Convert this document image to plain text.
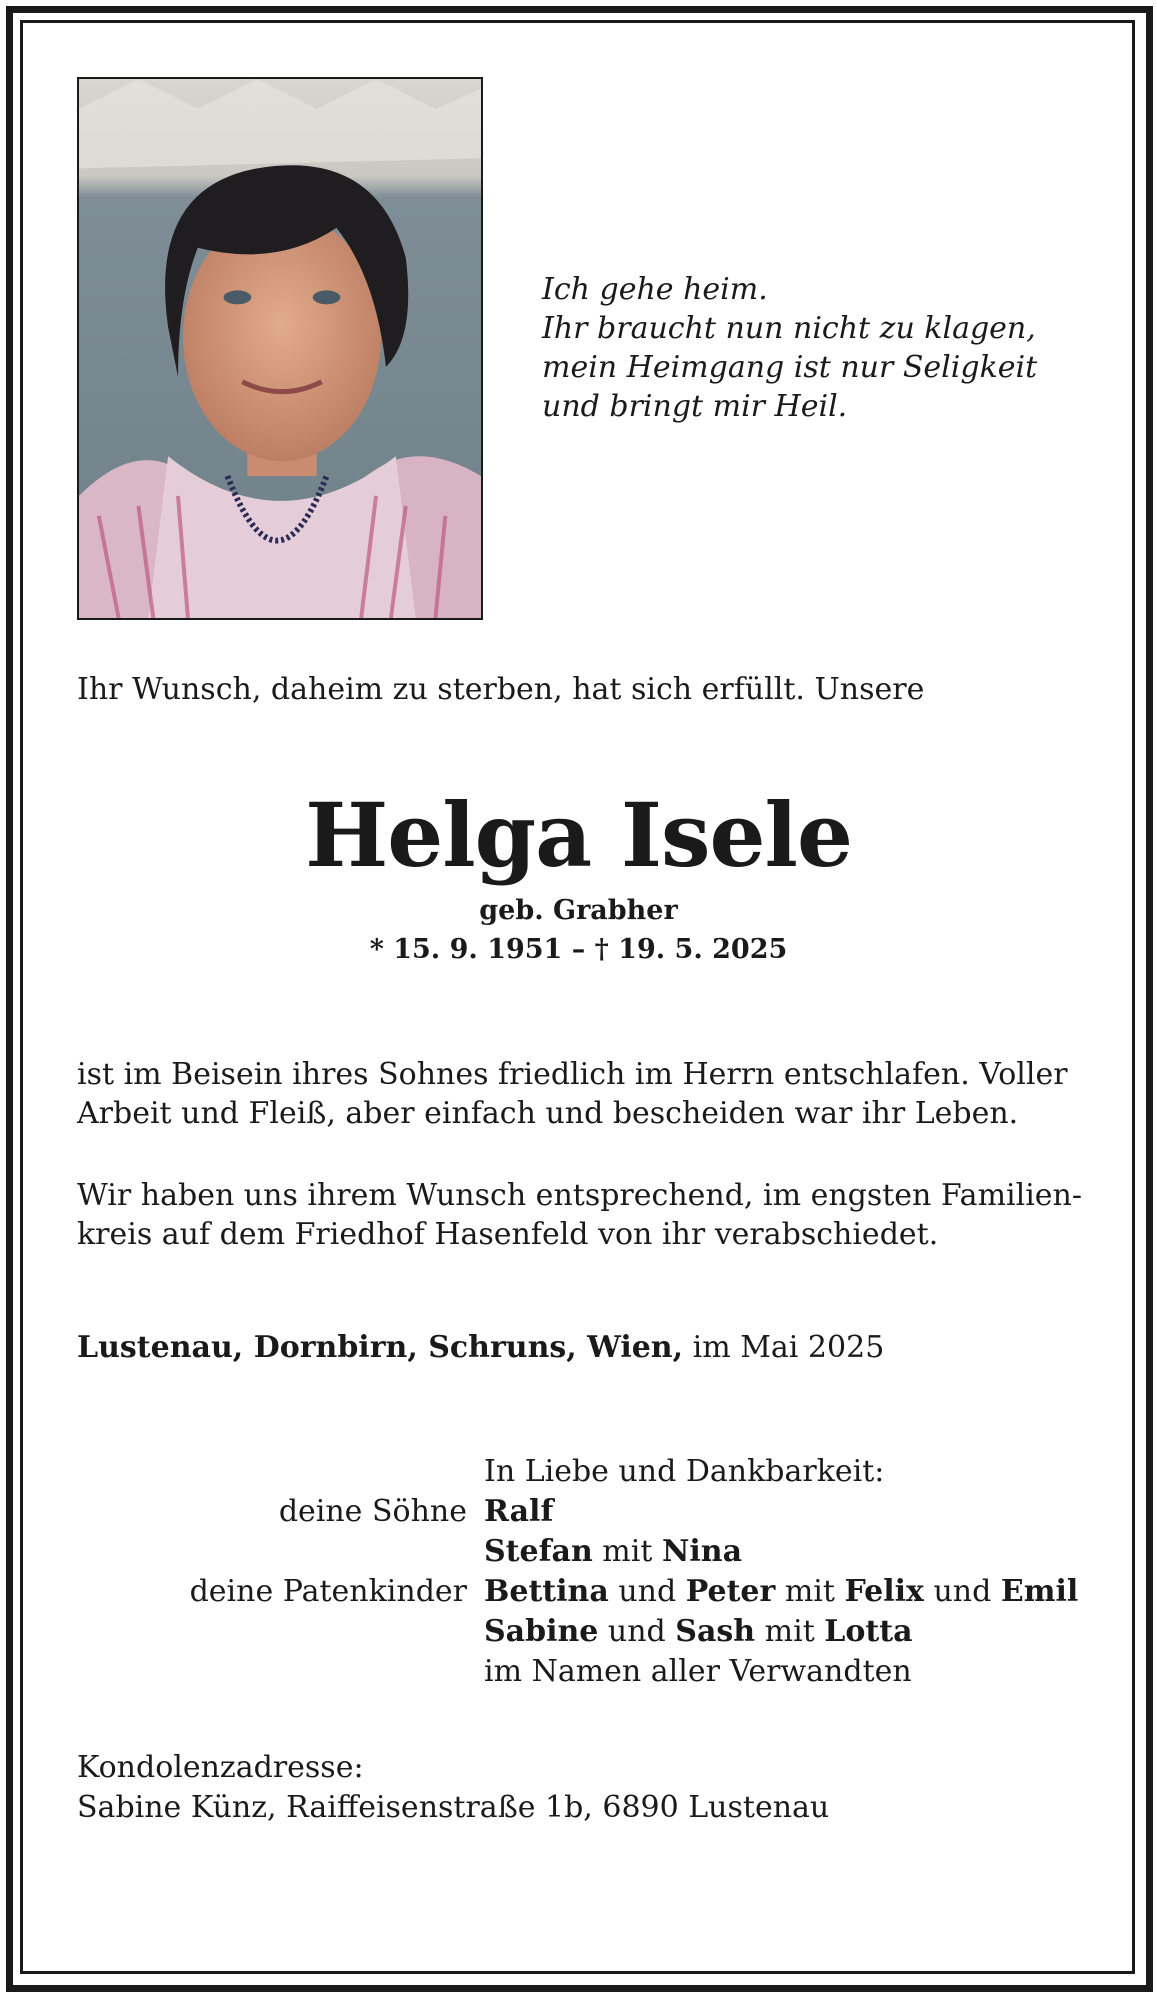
Ich gehe heim.
Ihr braucht nun nicht zu klagen,
mein Heimgang ist nur Seligkeit
und bringt mir Heil.
Ihr Wunsch, daheim zu sterben, hat sich erfüllt. Unsere
Helga Isele
geb. Grabher
* 15. 9. 1951 – † 19. 5. 2025
ist im Beisein ihres Sohnes friedlich im Herrn entschlafen. Voller
Arbeit und Fleiß, aber einfach und bescheiden war ihr Leben.
Wir haben uns ihrem Wunsch entsprechend, im engsten Familien-
kreis auf dem Friedhof Hasenfeld von ihr verabschiedet.
Lustenau, Dornbirn, Schruns, Wien, im Mai 2025
In Liebe und Dankbarkeit:
deine Söhne Ralf
Stefan mit Nina
deine Patenkinder Bettina und Peter mit Felix und Emil
Sabine und Sash mit Lotta
im Namen aller Verwandten
Kondolenzadresse:
Sabine Künz, Raiffeisenstraße 1b, 6890 Lustenau
